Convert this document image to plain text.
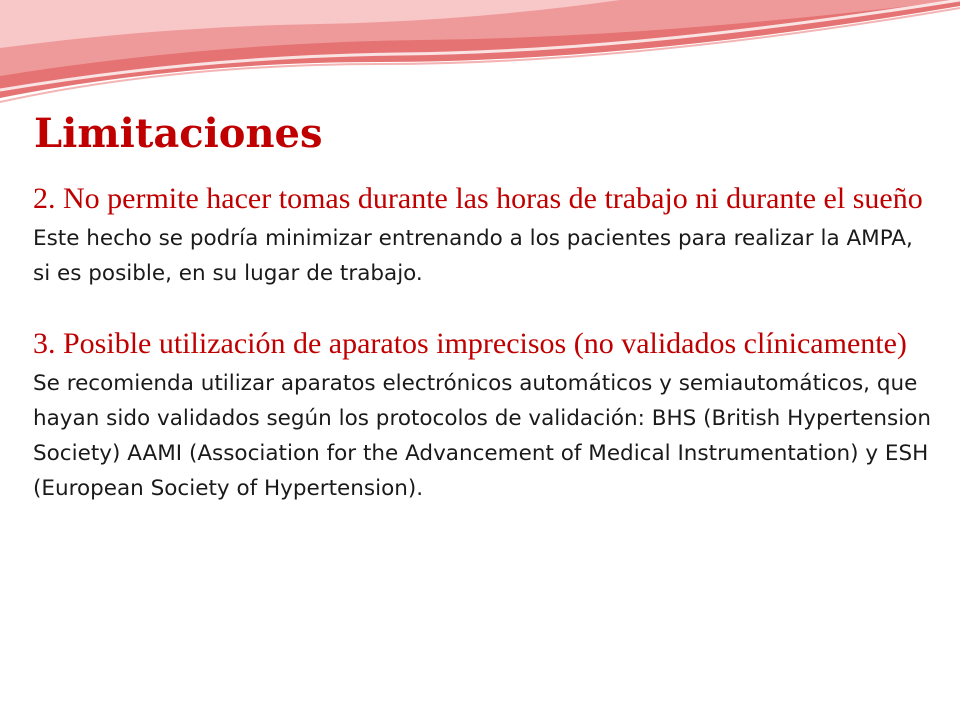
Limitaciones

2. No permite hacer tomas durante las horas de trabajo ni durante el sueño

Este hecho se podría minimizar entrenando a los pacientes para realizar la AMPA, si es posible, en su lugar de trabajo.

3. Posible utilización de aparatos imprecisos (no validados clínicamente)

Se recomienda utilizar aparatos electrónicos automáticos y semiautomáticos, que hayan sido validados según los protocolos de validación: BHS (British Hypertension Society) AAMI (Association for the Advancement of Medical Instrumentation) y ESH (European Society of Hypertension).
